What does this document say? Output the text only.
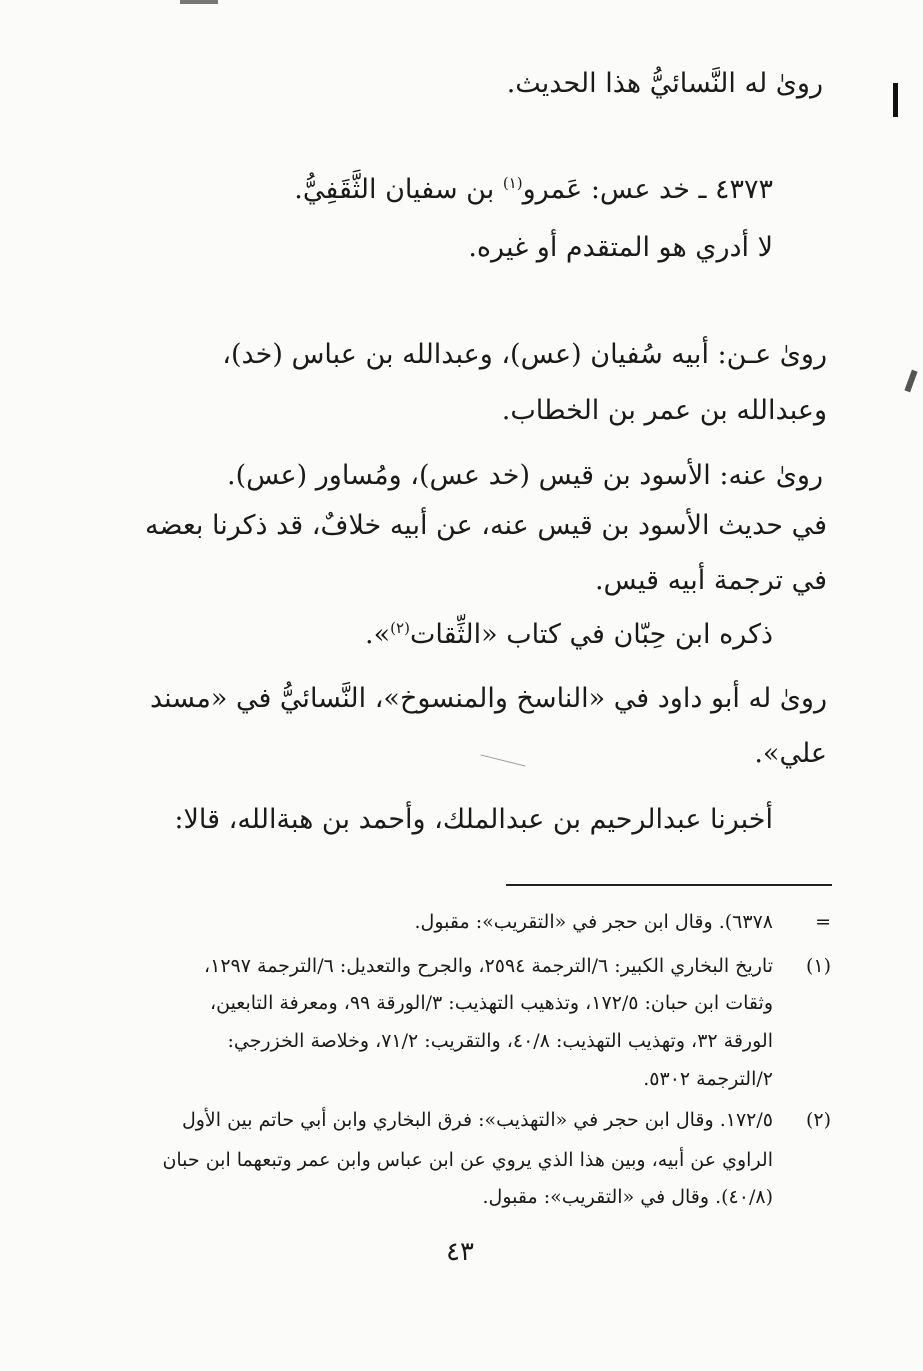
روىٰ له النَّسائيُّ هذا الحديث.
٤٣٧٣ ـ خد عس: عَمرو$^{(١)}$ بن سفيان الثَّقَفِيُّ.
لا أدري هو المتقدم أو غيره.
روىٰ عـن: أبيه سُفيان (عس)، وعبدالله بن عباس (خد)،
وعبدالله بن عمر بن الخطاب.
روىٰ عنه: الأسود بن قيس (خد عس)، ومُساور (عس).
في حديث الأسود بن قيس عنه، عن أبيه خلافٌ، قد ذكرنا بعضه
في ترجمة أبيه قيس.
ذكره ابن حِبّان في كتاب «الثِّقات$^{(٢)}$».
روىٰ له أبو داود في «الناسخ والمنسوخ»، النَّسائيُّ في «مسند
علي».
أخبرنا عبدالرحيم بن عبدالملك، وأحمد بن هبةالله، قالا:
=
٦٣٧٨). وقال ابن حجر في «التقريب»: مقبول.
(١)
تاريخ البخاري الكبير: ٦/الترجمة ٢٥٩٤، والجرح والتعديل: ٦/الترجمة ١٢٩٧،
وثقات ابن حبان: ١٧٢/٥، وتذهيب التهذيب: ٣/الورقة ٩٩، ومعرفة التابعين،
الورقة ٣٢، وتهذيب التهذيب: ٤٠/٨، والتقريب: ٧١/٢، وخلاصة الخزرجي:
٢/الترجمة ٥٣٠٢.
(٢)
١٧٢/٥. وقال ابن حجر في «التهذيب»: فرق البخاري وابن أبي حاتم بين الأول
الراوي عن أبيه، وبين هذا الذي يروي عن ابن عباس وابن عمر وتبعهما ابن حبان
(٤٠/٨). وقال في «التقريب»: مقبول.
٤٣
